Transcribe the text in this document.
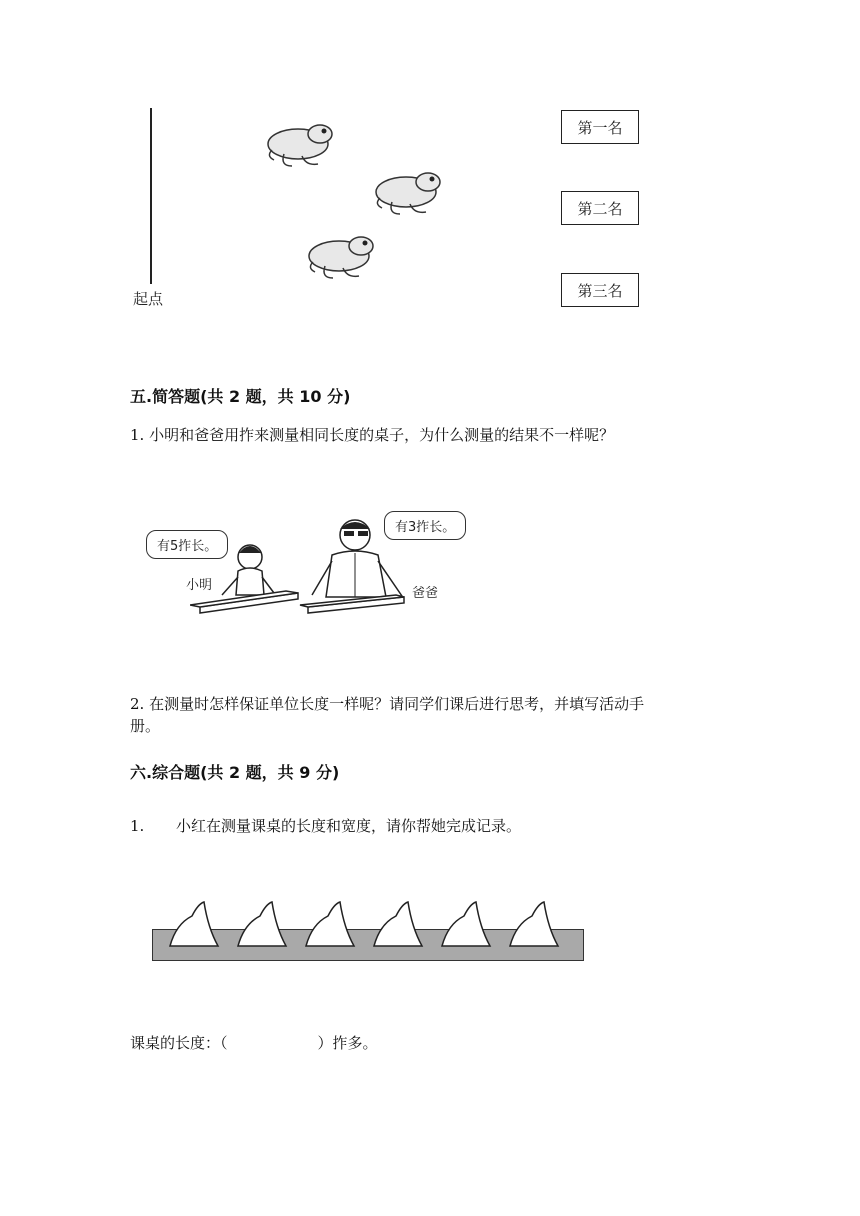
起点
第一名
第二名
第三名
五.简答题(共 2 题，共 10 分)
1. 小明和爸爸用拃来测量相同长度的桌子，为什么测量的结果不一样呢？
有5拃长。
有3拃长。
小明
爸爸
2. 在测量时怎样保证单位长度一样呢？请同学们课后进行思考，并填写活动手
册。
六.综合题(共 2 题，共 9 分)
1. 小红在测量课桌的长度和宽度，请你帮她完成记录。
课桌的长度：（	）拃多。
